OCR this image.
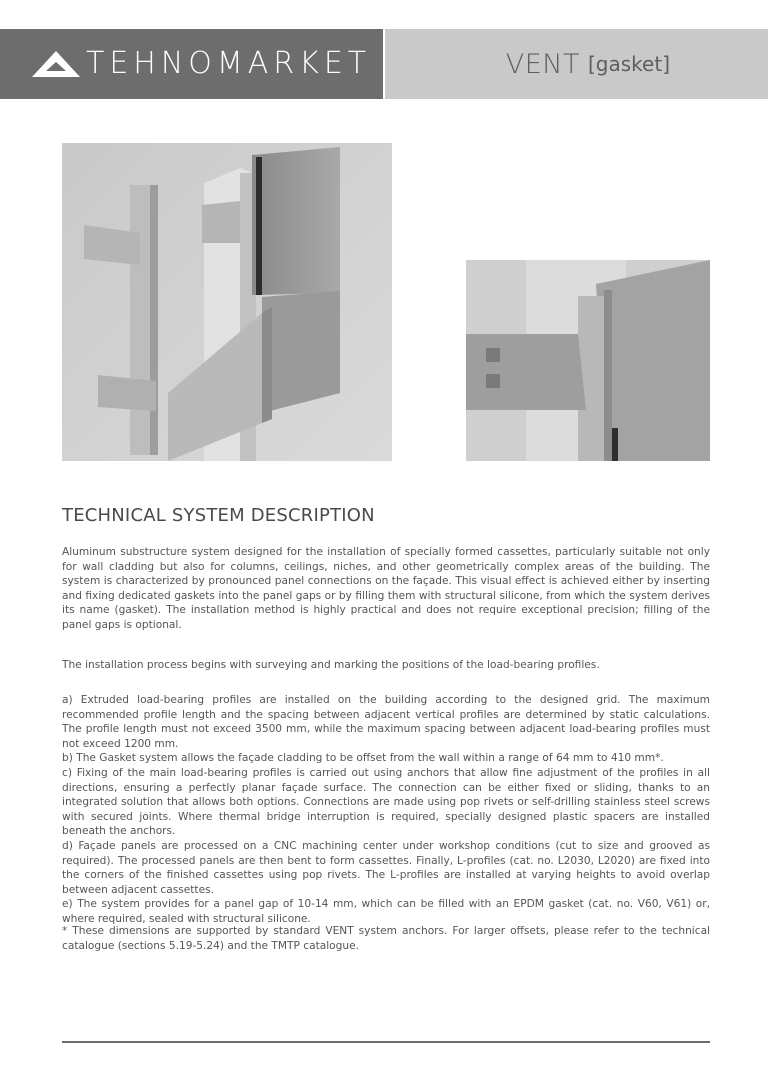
TEHNOMARKET	VENT [gasket]
TECHNICAL SYSTEM DESCRIPTION

Aluminum substructure system designed for the installation of specially formed cassettes, particularly suitable not only for wall cladding but also for columns, ceilings, niches, and other geometrically complex areas of the building. The system is characterized by pronounced panel connections on the façade. This visual effect is achieved either by inserting and fixing dedicated gaskets into the panel gaps or by filling them with structural silicone, from which the system derives its name (gasket). The installation method is highly practical and does not require exceptional precision; filling of the panel gaps is optional.

The installation process begins with surveying and marking the positions of the load-bearing profiles.

a) Extruded load-bearing profiles are installed on the building according to the designed grid. The maximum recommended profile length and the spacing between adjacent vertical profiles are determined by static calculations. The profile length must not exceed 3500 mm, while the maximum spacing between adjacent load-bearing profiles must not exceed 1200 mm.

b) The Gasket system allows the façade cladding to be offset from the wall within a range of 64 mm to 410 mm*.

c) Fixing of the main load-bearing profiles is carried out using anchors that allow fine adjustment of the profiles in all directions, ensuring a perfectly planar façade surface. The connection can be either fixed or sliding, thanks to an integrated solution that allows both options. Connections are made using pop rivets or self-drilling stainless steel screws with secured joints. Where thermal bridge interruption is required, specially designed plastic spacers are installed beneath the anchors.

d) Façade panels are processed on a CNC machining center under workshop conditions (cut to size and grooved as required). The processed panels are then bent to form cassettes. Finally, L-profiles (cat. no. L2030, L2020) are fixed into the corners of the finished cassettes using pop rivets. The L-profiles are installed at varying heights to avoid overlap between adjacent cassettes.

e) The system provides for a panel gap of 10-14 mm, which can be filled with an EPDM gasket (cat. no. V60, V61) or, where required, sealed with structural silicone.

* These dimensions are supported by standard VENT system anchors. For larger offsets, please refer to the technical catalogue (sections 5.19-5.24) and the TMTP catalogue.
